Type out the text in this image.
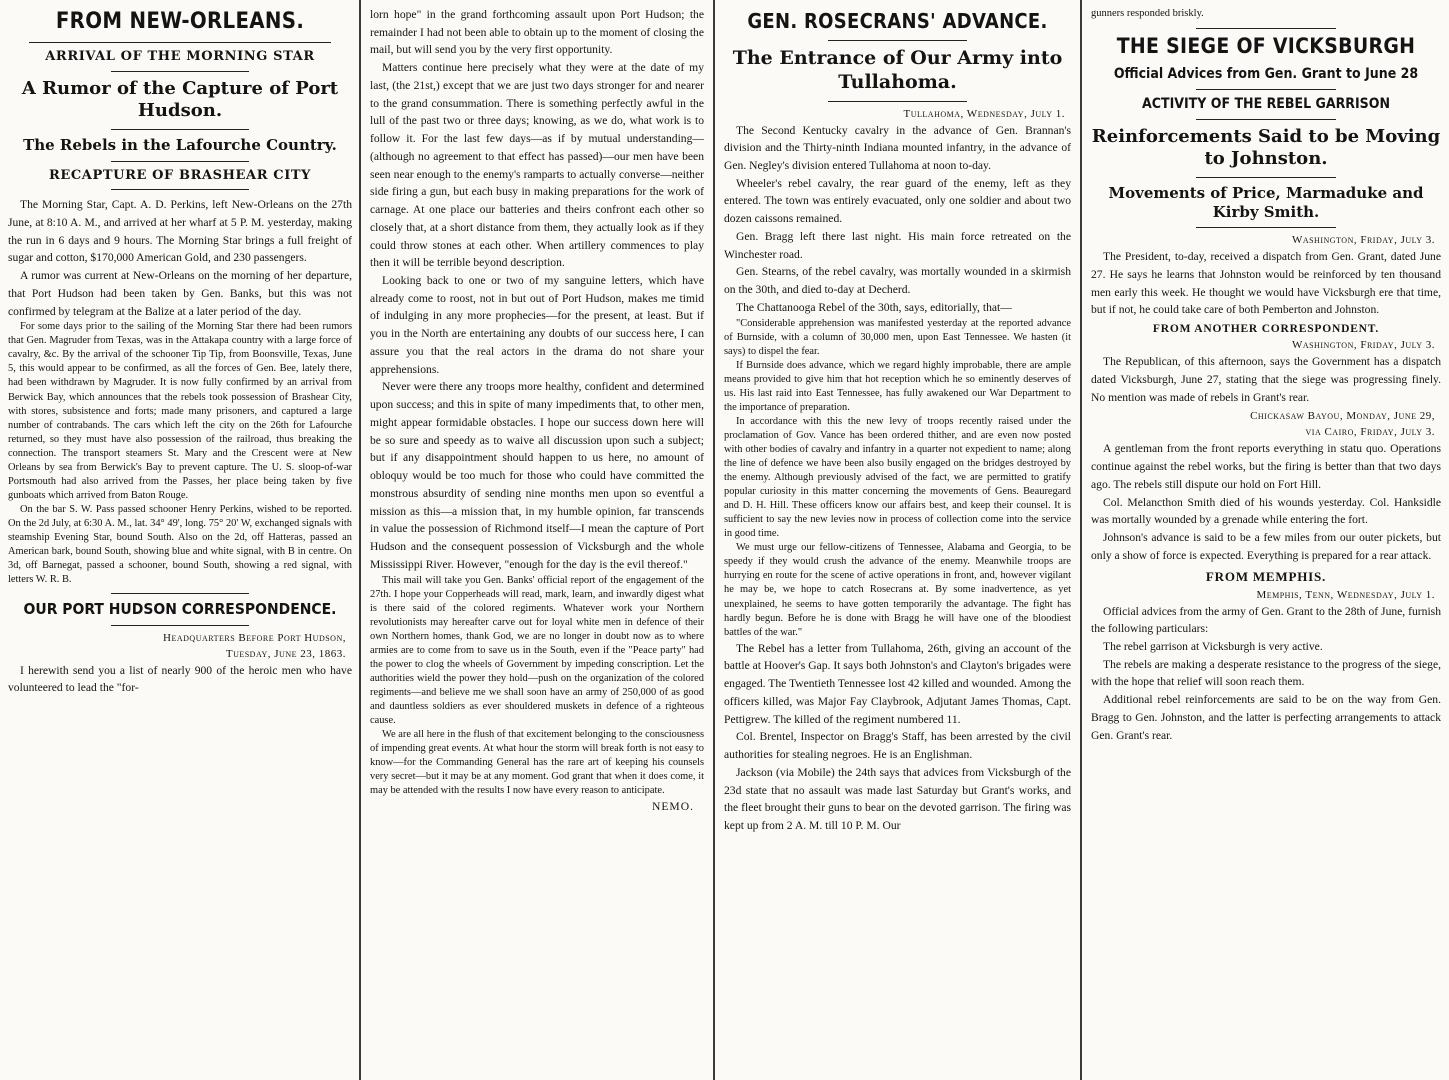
FROM NEW-ORLEANS.
ARRIVAL OF THE MORNING STAR
A Rumor of the Capture of Port Hudson.
The Rebels in the Lafourche Country.
RECAPTURE OF BRASHEAR CITY

The Morning Star, Capt. A. D. Perkins, left New-Orleans on the 27th June, at 8:10 A. M., and arrived at her wharf at 5 P. M. yesterday, making the run in 6 days and 9 hours. The Morning Star brings a full freight of sugar and cotton, $170,000 American Gold, and 230 passengers.

A rumor was current at New-Orleans on the morning of her departure, that Port Hudson had been taken by Gen. Banks, but this was not confirmed by telegram at the Balize at a later period of the day.

For some days prior to the sailing of the Morning Star there had been rumors that Gen. Magruder from Texas, was in the Attakapa country with a large force of cavalry, &c. By the arrival of the schooner Tip Tip, from Boonsville, Texas, June 5, this would appear to be confirmed, as all the forces of Gen. Bee, lately there, had been withdrawn by Magruder. It is now fully confirmed by an arrival from Berwick Bay, which announces that the rebels took possession of Brashear City, with stores, subsistence and forts; made many prisoners, and captured a large number of contrabands. The cars which left the city on the 26th for Lafourche returned, so they must have also possession of the railroad, thus breaking the connection. The transport steamers St. Mary and the Crescent were at New Orleans by sea from Berwick's Bay to prevent capture. The U. S. sloop-of-war Portsmouth had also arrived from the Passes, her place being taken by five gunboats which arrived from Baton Rouge.

On the bar S. W. Pass passed schooner Henry Perkins, wished to be reported. On the 2d July, at 6:30 A. M., lat. 34° 49', long. 75° 20' W, exchanged signals with steamship Evening Star, bound South. Also on the 2d, off Hatteras, passed an American bark, bound South, showing blue and white signal, with B in centre. On 3d, off Barnegat, passed a schooner, bound South, showing a red signal, with letters W. R. B.

OUR PORT HUDSON CORRESPONDENCE.
Headquarters Before Port Hudson,
Tuesday, June 23, 1863.

I herewith send you a list of nearly 900 of the heroic men who have volunteered to lead the "for-

lorn hope" in the grand forthcoming assault upon Port Hudson; the remainder I had not been able to obtain up to the moment of closing the mail, but will send you by the very first opportunity.

Matters continue here precisely what they were at the date of my last, (the 21st,) except that we are just two days stronger for and nearer to the grand consummation. There is something perfectly awful in the lull of the past two or three days; knowing, as we do, what work is to follow it. For the last few days—as if by mutual understanding—(although no agreement to that effect has passed)—our men have been seen near enough to the enemy's ramparts to actually converse—neither side firing a gun, but each busy in making preparations for the work of carnage. At one place our batteries and theirs confront each other so closely that, at a short distance from them, they actually look as if they could throw stones at each other. When artillery commences to play then it will be terrible beyond description.

Looking back to one or two of my sanguine letters, which have already come to roost, not in but out of Port Hudson, makes me timid of indulging in any more prophecies—for the present, at least. But if you in the North are entertaining any doubts of our success here, I can assure you that the real actors in the drama do not share your apprehensions.

Never were there any troops more healthy, confident and determined upon success; and this in spite of many impediments that, to other men, might appear formidable obstacles. I hope our success down here will be so sure and speedy as to waive all discussion upon such a subject; but if any disappointment should happen to us here, no amount of obloquy would be too much for those who could have committed the monstrous absurdity of sending nine months men upon so eventful a mission as this—a mission that, in my humble opinion, far transcends in value the possession of Richmond itself—I mean the capture of Port Hudson and the consequent possession of Vicksburgh and the whole Mississippi River. However, "enough for the day is the evil thereof."

This mail will take you Gen. Banks' official report of the engagement of the 27th. I hope your Copperheads will read, mark, learn, and inwardly digest what is there said of the colored regiments. Whatever work your Northern revolutionists may hereafter carve out for loyal white men in defence of their own Northern homes, thank God, we are no longer in doubt now as to where armies are to come from to save us in the South, even if the "Peace party" had the power to clog the wheels of Government by impeding conscription. Let the authorities wield the power they hold—push on the organization of the colored regiments—and believe me we shall soon have an army of 250,000 of as good and dauntless soldiers as ever shouldered muskets in defence of a righteous cause.

We are all here in the flush of that excitement belonging to the consciousness of impending great events. At what hour the storm will break forth is not easy to know—for the Commanding General has the rare art of keeping his counsels very secret—but it may be at any moment. God grant that when it does come, it may be attended with the results I now have every reason to anticipate.

NEMO.
GEN. ROSECRANS' ADVANCE.
The Entrance of Our Army into Tullahoma.
Tullahoma, Wednesday, July 1.

The Second Kentucky cavalry in the advance of Gen. Brannan's division and the Thirty-ninth Indiana mounted infantry, in the advance of Gen. Negley's division entered Tullahoma at noon to-day.

Wheeler's rebel cavalry, the rear guard of the enemy, left as they entered. The town was entirely evacuated, only one soldier and about two dozen caissons remained.

Gen. Bragg left there last night. His main force retreated on the Winchester road.

Gen. Stearns, of the rebel cavalry, was mortally wounded in a skirmish on the 30th, and died to-day at Decherd.

The Chattanooga Rebel of the 30th, says, editorially, that—

"Considerable apprehension was manifested yesterday at the reported advance of Burnside, with a column of 30,000 men, upon East Tennessee. We hasten (it says) to dispel the fear.

If Burnside does advance, which we regard highly improbable, there are ample means provided to give him that hot reception which he so eminently deserves of us. His last raid into East Tennessee, has fully awakened our War Department to the importance of preparation.

In accordance with this the new levy of troops recently raised under the proclamation of Gov. Vance has been ordered thither, and are even now posted with other bodies of cavalry and infantry in a quarter not expedient to name; along the line of defence we have been also busily engaged on the bridges destroyed by the enemy. Although previously advised of the fact, we are permitted to gratify popular curiosity in this matter concerning the movements of Gens. Beauregard and D. H. Hill. These officers know our affairs best, and keep their counsel. It is sufficient to say the new levies now in process of collection come into the service in good time.

We must urge our fellow-citizens of Tennessee, Alabama and Georgia, to be speedy if they would crush the advance of the enemy. Meanwhile troops are hurrying en route for the scene of active operations in front, and, however vigilant he may be, we hope to catch Rosecrans at. By some inadvertence, as yet unexplained, he seems to have gotten temporarily the advantage. The fight has hardly begun. Before he is done with Bragg he will have one of the bloodiest battles of the war."

The Rebel has a letter from Tullahoma, 26th, giving an account of the battle at Hoover's Gap. It says both Johnston's and Clayton's brigades were engaged. The Twentieth Tennessee lost 42 killed and wounded. Among the officers killed, was Major Fay Claybrook, Adjutant James Thomas, Capt. Pettigrew. The killed of the regiment numbered 11.

Col. Brentel, Inspector on Bragg's Staff, has been arrested by the civil authorities for stealing negroes. He is an Englishman.

Jackson (via Mobile) the 24th says that advices from Vicksburgh of the 23d state that no assault was made last Saturday but Grant's works, and the fleet brought their guns to bear on the devoted garrison. The firing was kept up from 2 A. M. till 10 P. M. Our

gunners responded briskly.

THE SIEGE OF VICKSBURGH
Official Advices from Gen. Grant to June 28
ACTIVITY OF THE REBEL GARRISON
Reinforcements Said to be Moving to Johnston.
Movements of Price, Marmaduke and Kirby Smith.
Washington, Friday, July 3.

The President, to-day, received a dispatch from Gen. Grant, dated June 27. He says he learns that Johnston would be reinforced by ten thousand men early this week. He thought we would have Vicksburgh ere that time, but if not, he could take care of both Pemberton and Johnston.

FROM ANOTHER CORRESPONDENT.
Washington, Friday, July 3.

The Republican, of this afternoon, says the Government has a dispatch dated Vicksburgh, June 27, stating that the siege was progressing finely. No mention was made of rebels in Grant's rear.

Chickasaw Bayou, Monday, June 29,
via Cairo, Friday, July 3.

A gentleman from the front reports everything in statu quo. Operations continue against the rebel works, but the firing is better than that two days ago. The rebels still dispute our hold on Fort Hill.

Col. Melancthon Smith died of his wounds yesterday. Col. Hanksidle was mortally wounded by a grenade while entering the fort.

Johnson's advance is said to be a few miles from our outer pickets, but only a show of force is expected. Everything is prepared for a rear attack.

FROM MEMPHIS.
Memphis, Tenn, Wednesday, July 1.

Official advices from the army of Gen. Grant to the 28th of June, furnish the following particulars:

The rebel garrison at Vicksburgh is very active.

The rebels are making a desperate resistance to the progress of the siege, with the hope that relief will soon reach them.

Additional rebel reinforcements are said to be on the way from Gen. Bragg to Gen. Johnston, and the latter is perfecting arrangements to attack Gen. Grant's rear.
